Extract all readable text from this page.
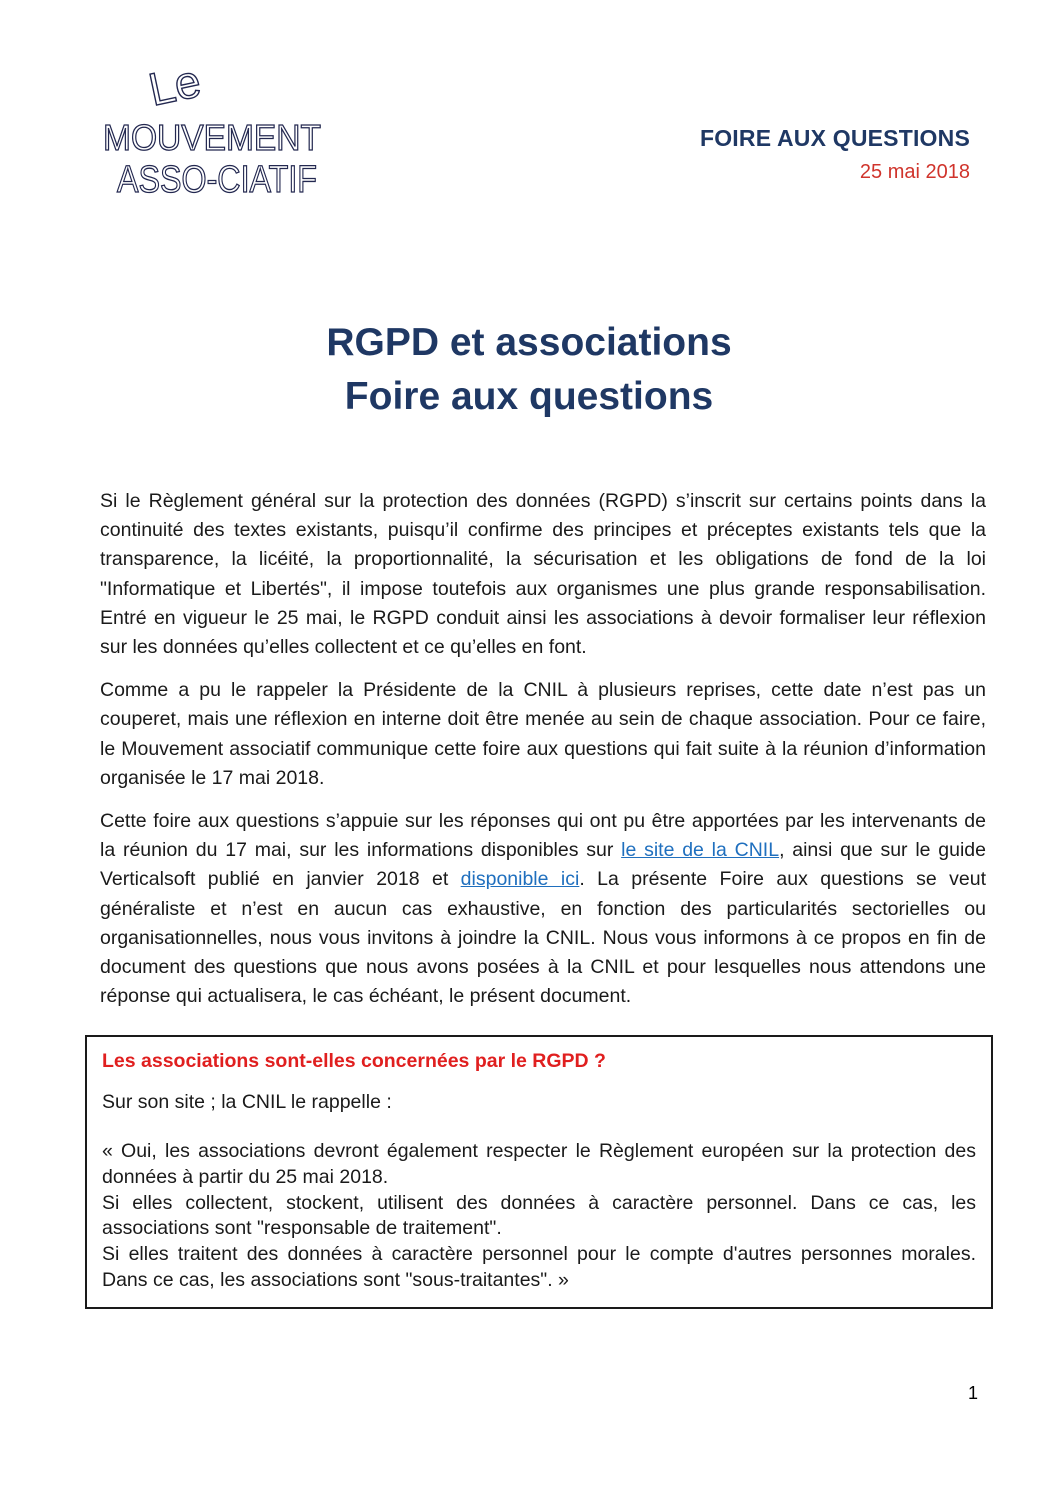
Le
MOUVEMENT
ASSO-CIATIF
FOIRE AUX QUESTIONS
25 mai 2018
RGPD et associations
Foire aux questions

Si le Règlement général sur la protection des données (RGPD) s’inscrit sur certains points dans la continuité des textes existants, puisqu’il confirme des principes et préceptes existants tels que la transparence, la licéité, la proportionnalité, la sécurisation et les obligations de fond de la loi "Informatique et Libertés", il impose toutefois aux organismes une plus grande responsabilisation. Entré en vigueur le 25 mai, le RGPD conduit ainsi les associations à devoir formaliser leur réflexion sur les données qu’elles collectent et ce qu’elles en font.

Comme a pu le rappeler la Présidente de la CNIL à plusieurs reprises, cette date n’est pas un couperet, mais une réflexion en interne doit être menée au sein de chaque association. Pour ce faire, le Mouvement associatif communique cette foire aux questions qui fait suite à la réunion d’information organisée le 17 mai 2018.

Cette foire aux questions s’appuie sur les réponses qui ont pu être apportées par les intervenants de la réunion du 17 mai, sur les informations disponibles sur le site de la CNIL, ainsi que sur le guide Verticalsoft publié en janvier 2018 et disponible ici. La présente Foire aux questions se veut généraliste et n’est en aucun cas exhaustive, en fonction des particularités sectorielles ou organisationnelles, nous vous invitons à joindre la CNIL. Nous vous informons à ce propos en fin de document des questions que nous avons posées à la CNIL et pour lesquelles nous attendons une réponse qui actualisera, le cas échéant, le présent document.

Les associations sont-elles concernées par le RGPD ?

Sur son site ; la CNIL le rappelle :

« Oui, les associations devront également respecter le Règlement européen sur la protection des données à partir du 25 mai 2018.

Si elles collectent, stockent, utilisent des données à caractère personnel. Dans ce cas, les associations sont "responsable de traitement".

Si elles traitent des données à caractère personnel pour le compte d'autres personnes morales. Dans ce cas, les associations sont "sous-traitantes". »

1
